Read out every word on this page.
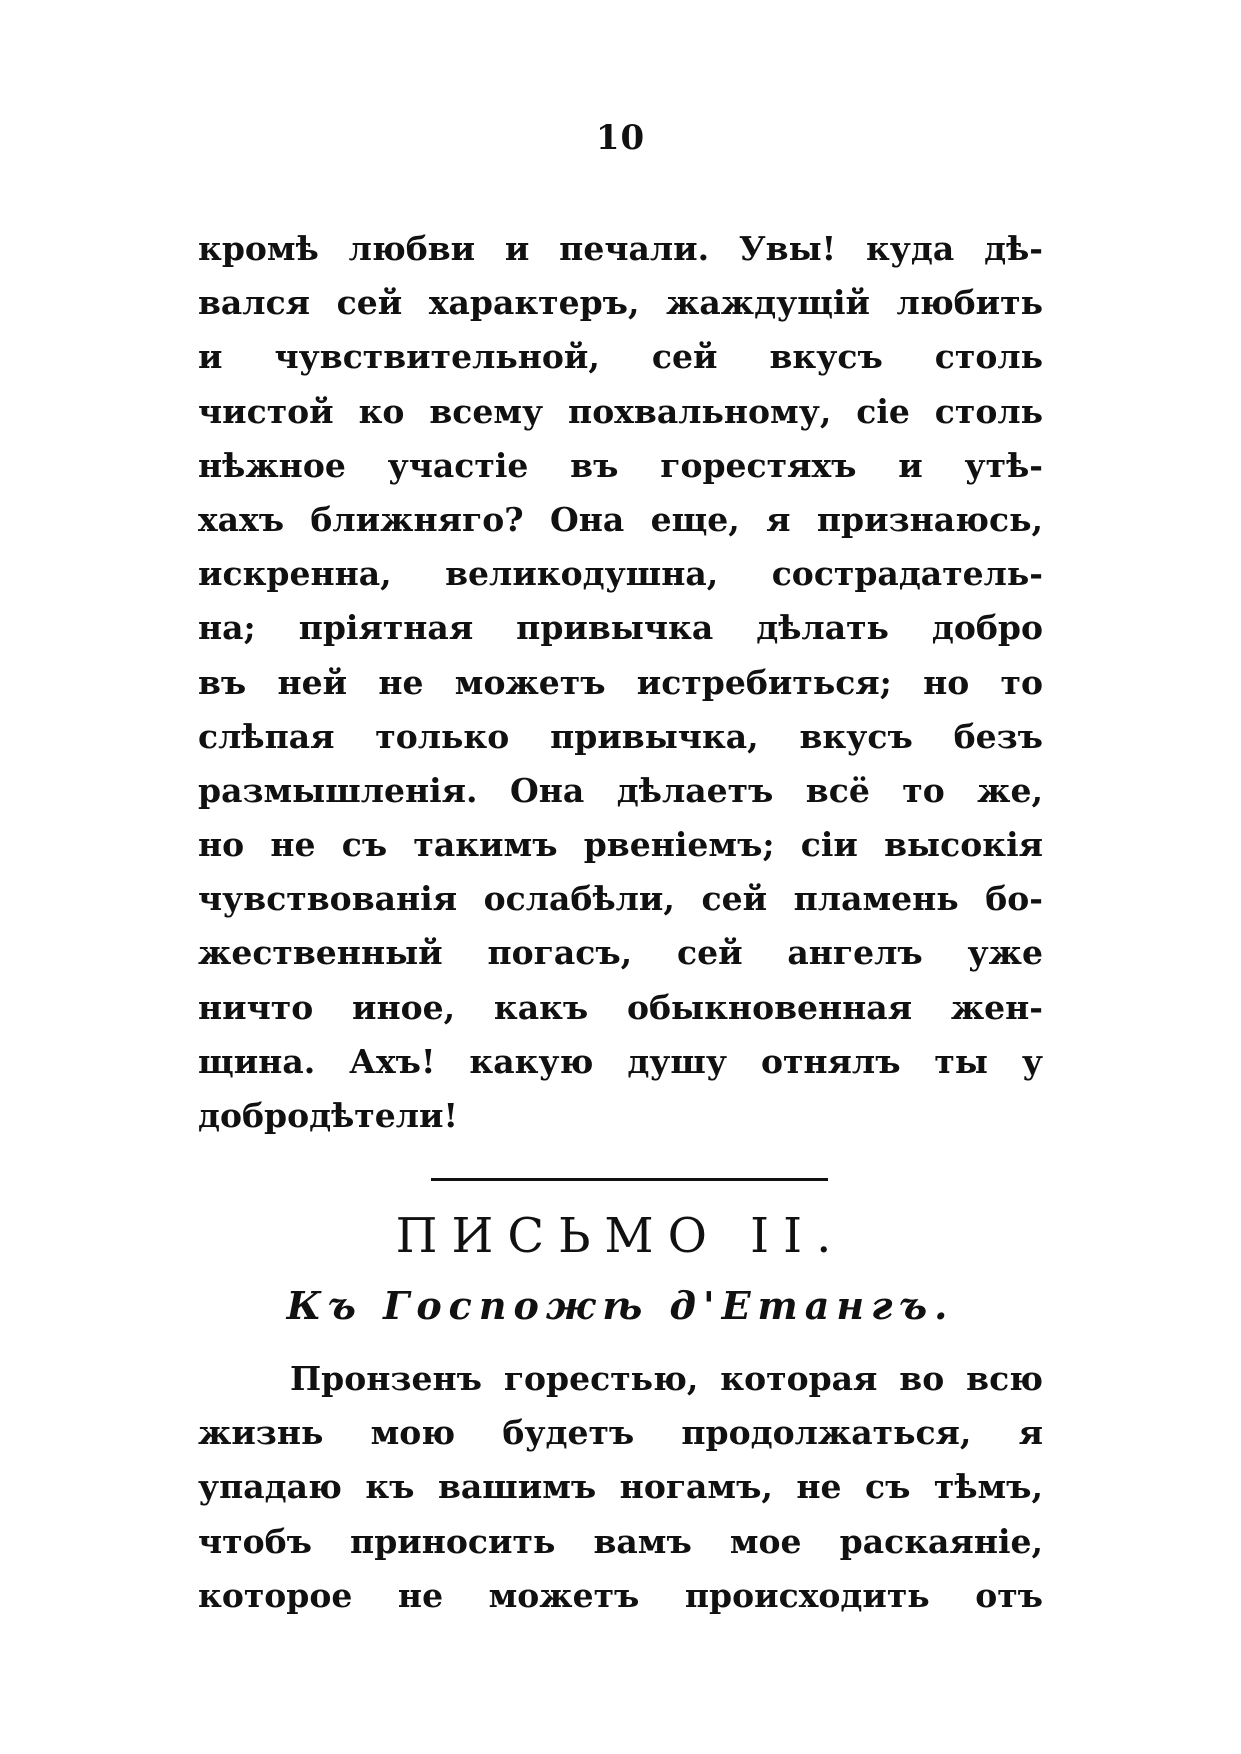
10
кромѣ любви и печали. Увы! куда дѣ-
вался сей характеръ, жаждущій любить
и чувствительной, сей вкусъ столь
чистой ко всему похвальному, сіе столь
нѣжное участіе въ горестяхъ и утѣ-
хахъ ближняго? Она еще, я признаюсь,
искренна, великодушна, сострадатель-
на; пріятная привычка дѣлать добро
въ ней не можетъ истребиться; но то
слѣпая только привычка, вкусъ безъ
размышленія. Она дѣлаетъ всё то же,
но не съ такимъ рвеніемъ; сіи высокія
чувствованія ослабѣли, сей пламень бо-
жественный погасъ, сей ангелъ уже
ничто иное, какъ обыкновенная жен-
щина. Ахъ! какую душу отнялъ ты у
добродѣтели!
ПИСЬМО II.
Къ Госпожѣ д'Етангъ.
Пронзенъ горестью, которая во всю
жизнь мою будетъ продолжаться, я
упадаю къ вашимъ ногамъ, не съ тѣмъ,
чтобъ приносить вамъ мое раскаяніе,
которое не можетъ происходить отъ
